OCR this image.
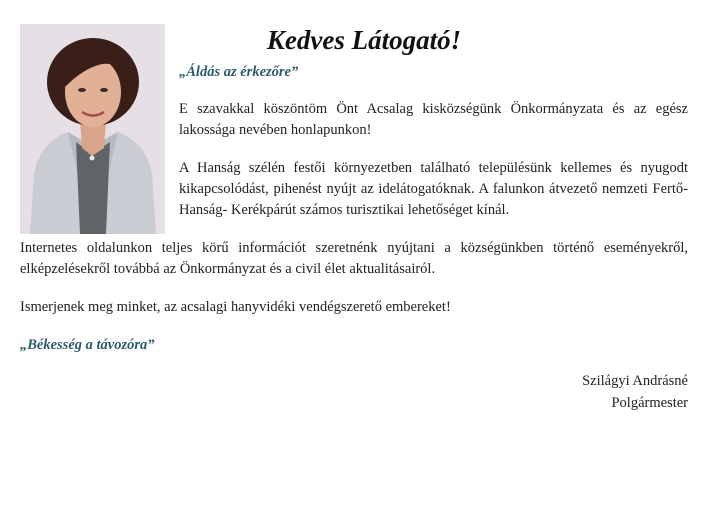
Kedves Látogató!

„Áldás az érkezőre”

E szavakkal köszöntöm Önt Acsalag kisközségünk Önkormányzata és az egész lakossága nevében honlapunkon!

A Hanság szélén festői környezetben található településünk kellemes és nyugodt kikapcsolódást, pihenést nyújt az idelátogatóknak. A falunkon átvezető nemzeti Fertő-Hanság- Kerékpárút számos turisztikai lehetőséget kínál.

Internetes oldalunkon teljes körű információt szeretnénk nyújtani a községünkben történő eseményekről, elképzelésekről továbbá az Önkormányzat és a civil élet aktualitásairól.

Ismerjenek meg minket, az acsalagi hanyvidéki vendégszerető embereket!

„Békesség a távozóra”

Szilágyi Andrásné
Polgármester
